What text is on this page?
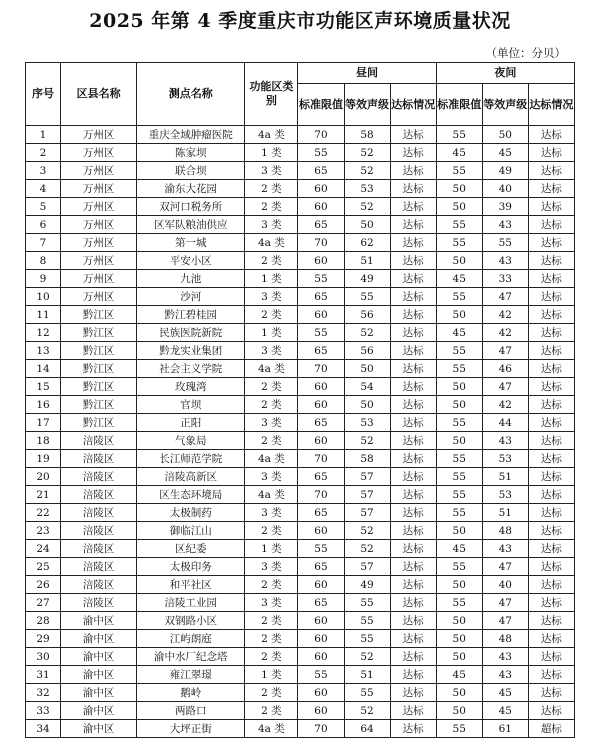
2025 年第 4 季度重庆市功能区声环境质量状况
（单位：分贝）
序号	区县名称	测点名称	功能区类别	昼间			夜间		
				标准限值	等效声级	达标情况	标准限值	等效声级	达标情况
1	万州区	重庆全域肿瘤医院	4a 类	70	58	达标	55	50	达标
2	万州区	陈家坝	1 类	55	52	达标	45	45	达标
3	万州区	联合坝	3 类	65	52	达标	55	49	达标
4	万州区	渝东大花园	2 类	60	53	达标	50	40	达标
5	万州区	双河口税务所	2 类	60	52	达标	50	39	达标
6	万州区	区军队粮油供应	3 类	65	50	达标	55	43	达标
7	万州区	第一城	4a 类	70	62	达标	55	55	达标
8	万州区	平安小区	2 类	60	51	达标	50	43	达标
9	万州区	九池	1 类	55	49	达标	45	33	达标
10	万州区	沙河	3 类	65	55	达标	55	47	达标
11	黔江区	黔江碧桂园	2 类	60	56	达标	50	42	达标
12	黔江区	民族医院新院	1 类	55	52	达标	45	42	达标
13	黔江区	黔龙实业集团	3 类	65	56	达标	55	47	达标
14	黔江区	社会主义学院	4a 类	70	50	达标	55	46	达标
15	黔江区	玫瑰湾	2 类	60	54	达标	50	47	达标
16	黔江区	官坝	2 类	60	50	达标	50	42	达标
17	黔江区	正阳	3 类	65	53	达标	55	44	达标
18	涪陵区	气象局	2 类	60	52	达标	50	43	达标
19	涪陵区	长江师范学院	4a 类	70	58	达标	55	53	达标
20	涪陵区	涪陵高新区	3 类	65	57	达标	55	51	达标
21	涪陵区	区生态环境局	4a 类	70	57	达标	55	53	达标
22	涪陵区	太极制药	3 类	65	57	达标	55	51	达标
23	涪陵区	御临江山	2 类	60	52	达标	50	48	达标
24	涪陵区	区纪委	1 类	55	52	达标	45	43	达标
25	涪陵区	太极印务	3 类	65	57	达标	55	47	达标
26	涪陵区	和平社区	2 类	60	49	达标	50	40	达标
27	涪陵区	涪陵工业园	3 类	65	55	达标	55	47	达标
28	渝中区	双钢路小区	2 类	60	55	达标	50	47	达标
29	渝中区	江屿朗庭	2 类	60	55	达标	50	48	达标
30	渝中区	渝中水厂纪念塔	2 类	60	52	达标	50	43	达标
31	渝中区	雍江翠璟	1 类	55	51	达标	45	43	达标
32	渝中区	鹅岭	2 类	60	55	达标	50	45	达标
33	渝中区	两路口	2 类	60	52	达标	50	45	达标
34	渝中区	大坪正街	4a 类	70	64	达标	55	61	超标
